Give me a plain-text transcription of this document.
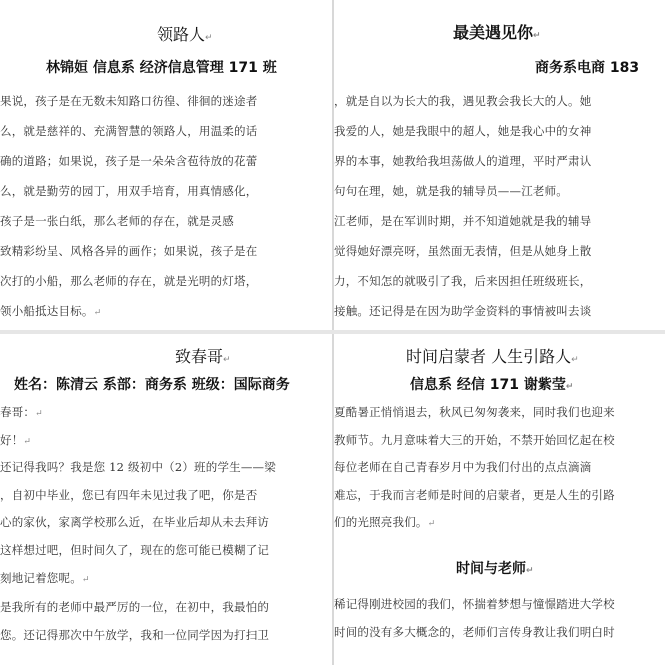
领路人↵
林锦姮 信息系 经济信息管理 171 班
果说，孩子是在无数未知路口彷徨、徘徊的迷途者
么，就是慈祥的、充满智慧的领路人，用温柔的话
确的道路；如果说，孩子是一朵朵含苞待放的花蕾
么，就是勤劳的园丁，用双手培育，用真情感化，
孩子是一张白纸，那么老师的存在，就是灵感
致精彩纷呈、风格各异的画作；如果说，孩子是在
次打的小船，那么老师的存在，就是光明的灯塔，
领小船抵达目标。↵
最美遇见你↵
商务系电商 183
，就是自以为长大的我，遇见教会我长大的人。她
我爱的人，她是我眼中的超人，她是我心中的女神
界的本事，她教给我坦荡做人的道理，平时严肃认
句句在理，她，就是我的辅导员——江老师。
江老师，是在军训时期，并不知道她就是我的辅导
觉得她好漂亮呀，虽然面无表情，但是从她身上散
力，不知怎的就吸引了我，后来因担任班级班长，
接触。还记得是在因为助学金资料的事情被叫去谈
致春哥↵
姓名：陈清云 系部：商务系 班级：国际商务
春哥：↵
好！↵
还记得我吗？我是您 12 级初中（2）班的学生——梁
，自初中毕业，您已有四年未见过我了吧，你是否
心的家伙，家离学校那么近，在毕业后却从未去拜访
这样想过吧，但时间久了，现在的您可能已模糊了记
刻地记着您呢。↵
是我所有的老师中最严厉的一位，在初中，我最怕的
您。还记得那次中午放学，我和一位同学因为打扫卫
时间启蒙者 人生引路人↵
信息系 经信 171 谢紫莹↵
夏酷暑正悄悄退去，秋风已匆匆袭来，同时我们也迎来
教师节。九月意味着大三的开始，不禁开始回忆起在校
每位老师在自己青春岁月中为我们付出的点点滴滴
难忘，于我而言老师是时间的启蒙者，更是人生的引路
们的光照亮我们。↵
时间与老师↵
稀记得刚进校园的我们，怀揣着梦想与憧憬踏进大学校
时间的没有多大概念的，老师们言传身教让我们明白时
